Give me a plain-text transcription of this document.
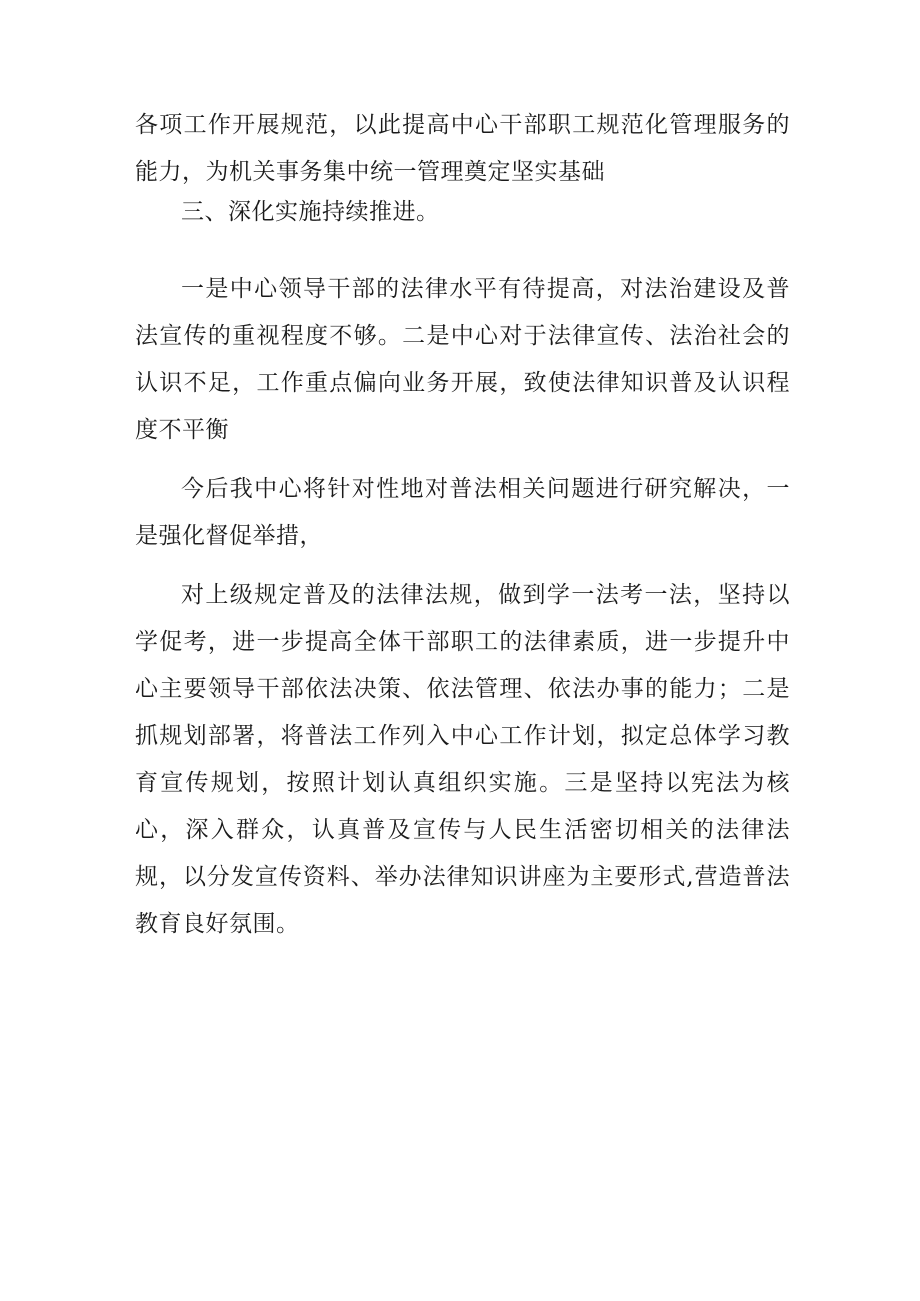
各项工作开展规范，以此提高中心干部职工规范化管理服务的能力，为机关事务集中统一管理奠定坚实基础

三、深化实施持续推进。

一是中心领导干部的法律水平有待提高，对法治建设及普法宣传的重视程度不够。二是中心对于法律宣传、法治社会的认识不足，工作重点偏向业务开展，致使法律知识普及认识程度不平衡

今后我中心将针对性地对普法相关问题进行研究解决，一是强化督促举措，

对上级规定普及的法律法规，做到学一法考一法，坚持以学促考，进一步提高全体干部职工的法律素质，进一步提升中心主要领导干部依法决策、依法管理、依法办事的能力；二是抓规划部署，将普法工作列入中心工作计划，拟定总体学习教育宣传规划，按照计划认真组织实施。三是坚持以宪法为核心，深入群众，认真普及宣传与人民生活密切相关的法律法规，以分发宣传资料、举办法律知识讲座为主要形式,营造普法教育良好氛围。
